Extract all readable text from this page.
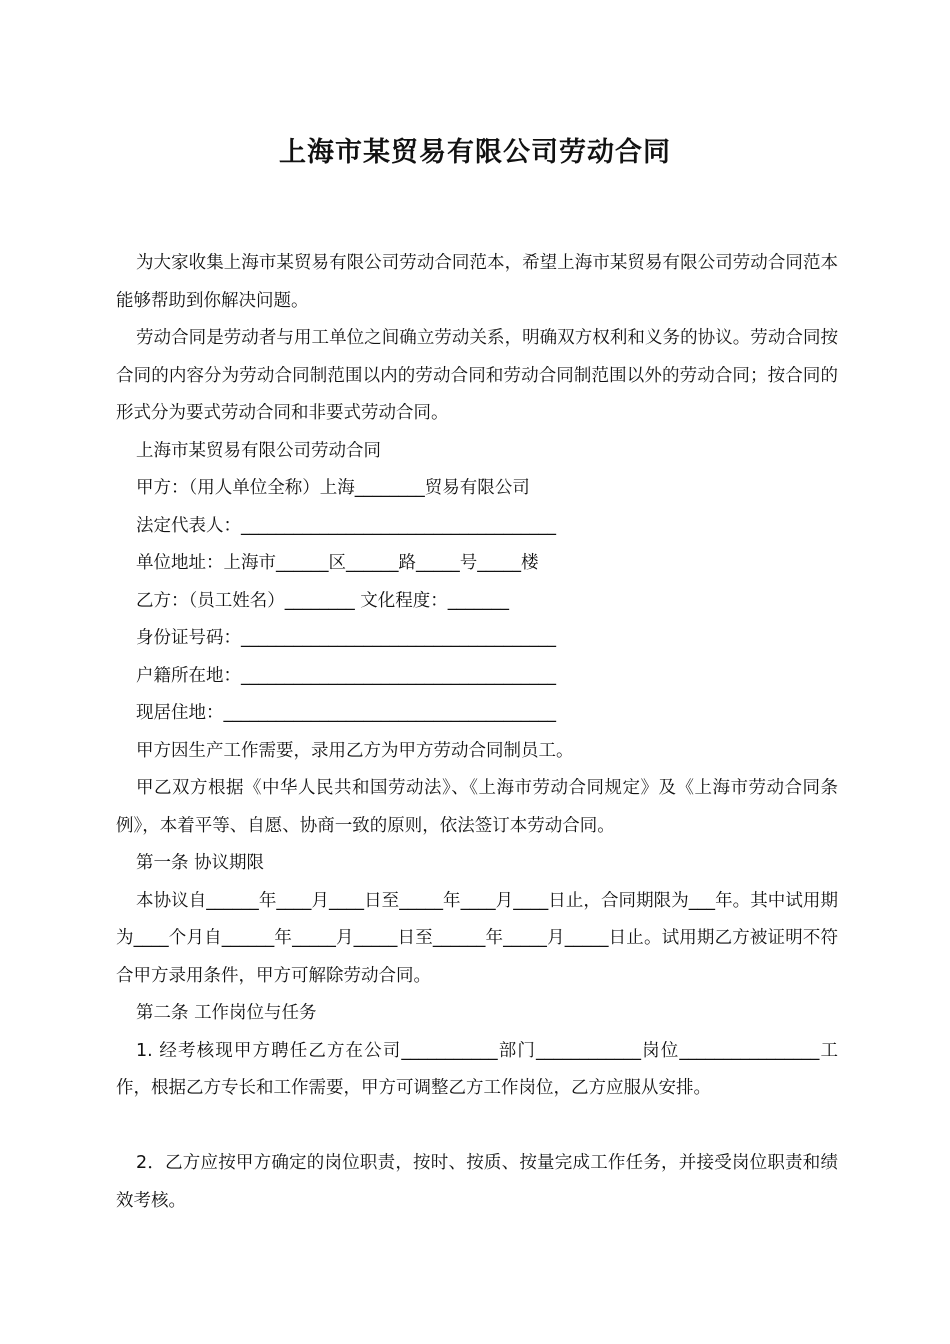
上海市某贸易有限公司劳动合同

为大家收集上海市某贸易有限公司劳动合同范本，希望上海市某贸易有限公司劳动合同范本能够帮助到你解决问题。

劳动合同是劳动者与用工单位之间确立劳动关系，明确双方权利和义务的协议。劳动合同按合同的内容分为劳动合同制范围以内的劳动合同和劳动合同制范围以外的劳动合同；按合同的形式分为要式劳动合同和非要式劳动合同。

上海市某贸易有限公司劳动合同

甲方：（用人单位全称）上海________贸易有限公司

法定代表人：____________________________________

单位地址：上海市______区______路_____号_____楼

乙方：（员工姓名）________ 文化程度：_______

身份证号码：____________________________________

户籍所在地：____________________________________

现居住地：______________________________________

甲方因生产工作需要，录用乙方为甲方劳动合同制员工。

甲乙双方根据《中华人民共和国劳动法》、《上海市劳动合同规定》及《上海市劳动合同条例》，本着平等、自愿、协商一致的原则，依法签订本劳动合同。

第一条 协议期限

本协议自______年____月____日至_____年____月____日止，合同期限为___年。其中试用期为____个月自______年_____月_____日至______年_____月_____日止。试用期乙方被证明不符合甲方录用条件，甲方可解除劳动合同。

第二条 工作岗位与任务

1. 经考核现甲方聘任乙方在公司___________部门____________岗位________________工作，根据乙方专长和工作需要，甲方可调整乙方工作岗位，乙方应服从安排。

2．乙方应按甲方确定的岗位职责，按时、按质、按量完成工作任务，并接受岗位职责和绩效考核。
